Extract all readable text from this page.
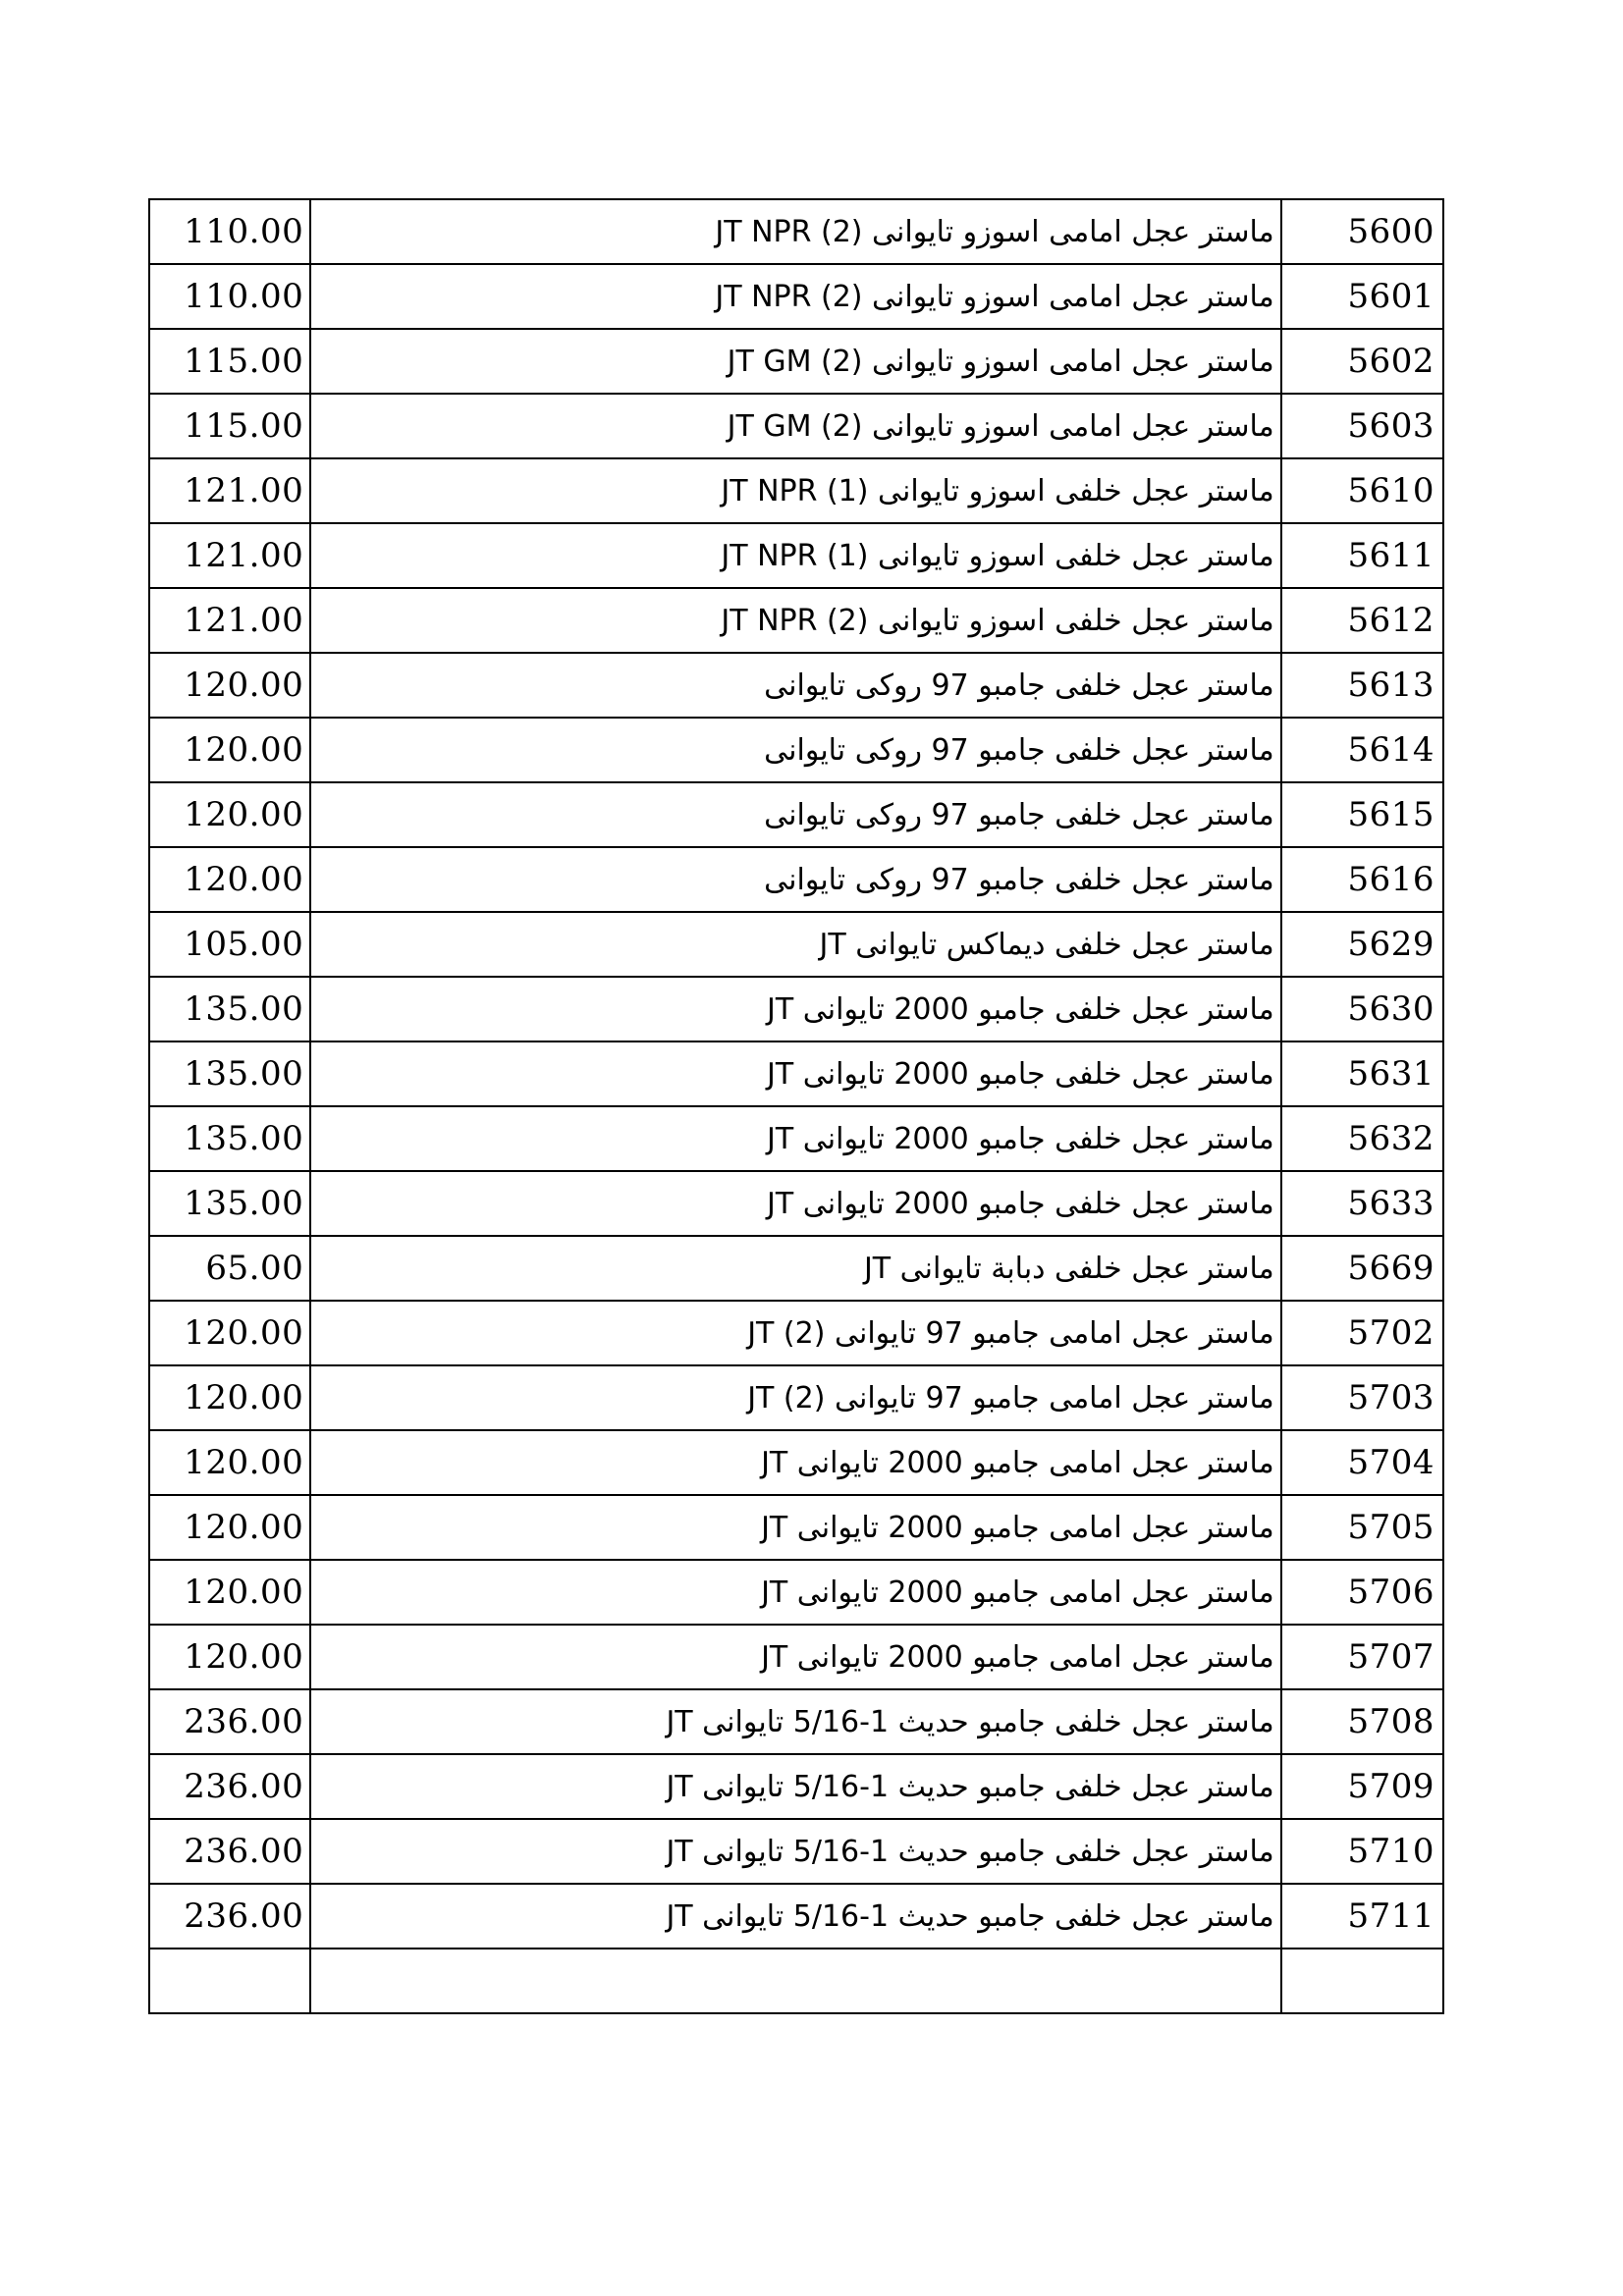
110.00	ماستر عجل امامی اسوزو تایوانی JT NPR (2)	5600
110.00	ماستر عجل امامی اسوزو تایوانی JT NPR (2)	5601
115.00	ماستر عجل امامی اسوزو تایوانی JT GM (2)	5602
115.00	ماستر عجل امامی اسوزو تایوانی JT GM (2)	5603
121.00	ماستر عجل خلفی اسوزو تایوانی JT NPR (1)	5610
121.00	ماستر عجل خلفی اسوزو تایوانی JT NPR (1)	5611
121.00	ماستر عجل خلفی اسوزو تایوانی JT NPR (2)	5612
120.00	ماستر عجل خلفی جامبو 97 روکی تایوانی	5613
120.00	ماستر عجل خلفی جامبو 97 روکی تایوانی	5614
120.00	ماستر عجل خلفی جامبو 97 روکی تایوانی	5615
120.00	ماستر عجل خلفی جامبو 97 روکی تایوانی	5616
105.00	ماستر عجل خلفی دیماکس تایوانی JT	5629
135.00	ماستر عجل خلفی جامبو 2000 تایوانی JT	5630
135.00	ماستر عجل خلفی جامبو 2000 تایوانی JT	5631
135.00	ماستر عجل خلفی جامبو 2000 تایوانی JT	5632
135.00	ماستر عجل خلفی جامبو 2000 تایوانی JT	5633
65.00	ماستر عجل خلفی دبابة تایوانی JT	5669
120.00	ماستر عجل امامی جامبو 97 تایوانی JT (2)	5702
120.00	ماستر عجل امامی جامبو 97 تایوانی JT (2)	5703
120.00	ماستر عجل امامی جامبو 2000 تایوانی JT	5704
120.00	ماستر عجل امامی جامبو 2000 تایوانی JT	5705
120.00	ماستر عجل امامی جامبو 2000 تایوانی JT	5706
120.00	ماستر عجل امامی جامبو 2000 تایوانی JT	5707
236.00	ماستر عجل خلفی جامبو حدیث 1-5/16 تایوانی JT	5708
236.00	ماستر عجل خلفی جامبو حدیث 1-5/16 تایوانی JT	5709
236.00	ماستر عجل خلفی جامبو حدیث 1-5/16 تایوانی JT	5710
236.00	ماستر عجل خلفی جامبو حدیث 1-5/16 تایوانی JT	5711
